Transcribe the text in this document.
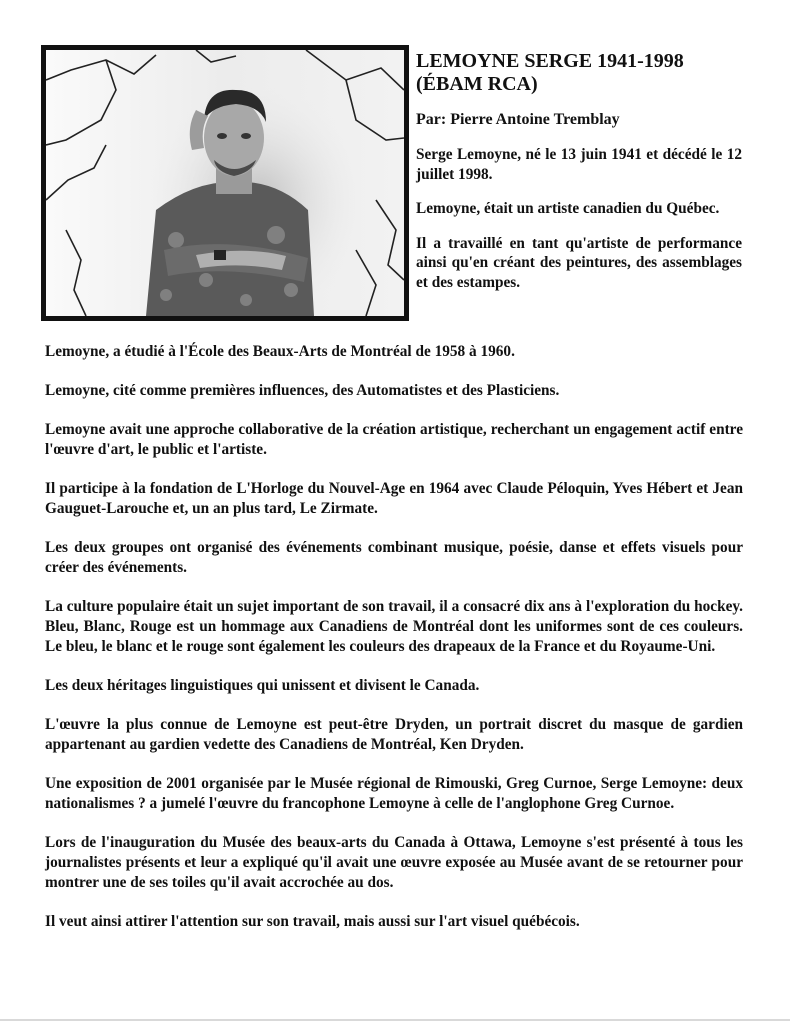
LEMOYNE SERGE 1941-1998
(ÉBAM RCA)

Par: Pierre Antoine Tremblay

Serge Lemoyne, né le 13 juin 1941 et décédé le 12 juillet 1998.

Lemoyne, était un artiste canadien du Québec.

Il a travaillé en tant qu'artiste de performance ainsi qu'en créant des peintures, des assemblages et des estampes.

Lemoyne, a étudié à l'École des Beaux-Arts de Montréal de 1958 à 1960.

Lemoyne, cité comme premières influences, des Automatistes et des Plasticiens.

Lemoyne avait une approche collaborative de la création artistique, recherchant un engagement actif entre l'œuvre d'art, le public et l'artiste.

Il participe à la fondation de L'Horloge du Nouvel-Age en 1964 avec Claude Péloquin, Yves Hébert et Jean Gauguet-Larouche et, un an plus tard, Le Zirmate.

Les deux groupes ont organisé des événements combinant musique, poésie, danse et effets visuels pour créer des événements.

La culture populaire était un sujet important de son travail, il a consacré dix ans à l'exploration du hockey. Bleu, Blanc, Rouge est un hommage aux Canadiens de Montréal dont les uniformes sont de ces couleurs. Le bleu, le blanc et le rouge sont également les couleurs des drapeaux de la France et du Royaume-Uni.

Les deux héritages linguistiques qui unissent et divisent le Canada.

L'œuvre la plus connue de Lemoyne est peut-être Dryden, un portrait discret du masque de gardien appartenant au gardien vedette des Canadiens de Montréal, Ken Dryden.

Une exposition de 2001 organisée par le Musée régional de Rimouski, Greg Curnoe, Serge Lemoyne: deux nationalismes ? a jumelé l'œuvre du francophone Lemoyne à celle de l'anglophone Greg Curnoe.

Lors de l'inauguration du Musée des beaux-arts du Canada à Ottawa, Lemoyne s'est présenté à tous les journalistes présents et leur a expliqué qu'il avait une œuvre exposée au Musée avant de se retourner pour montrer une de ses toiles qu'il avait accrochée au dos.

Il veut ainsi attirer l'attention sur son travail, mais aussi sur l'art visuel québécois.
